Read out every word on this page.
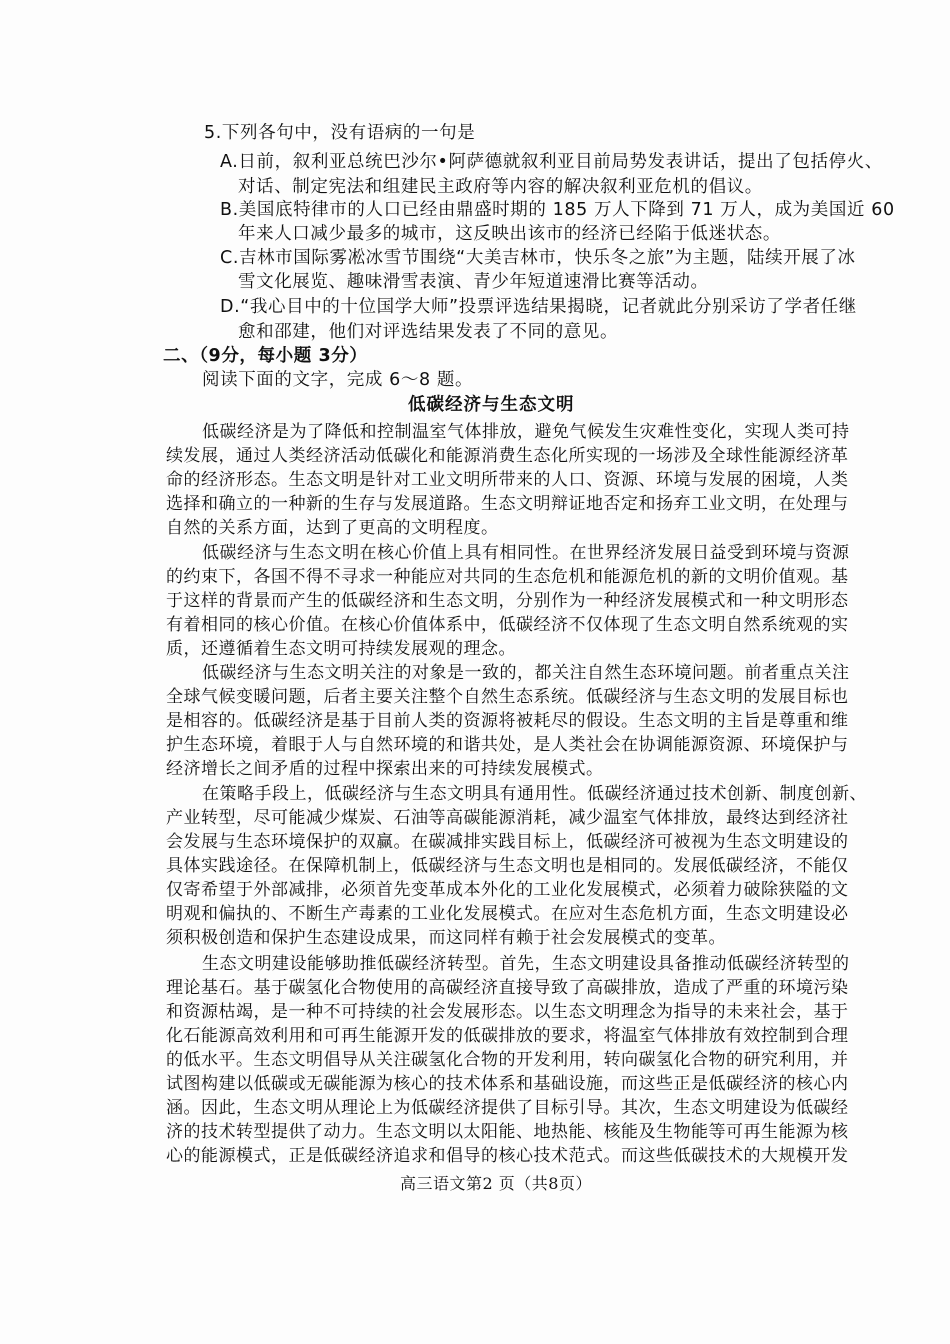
5.下列各句中，没有语病的一句是
A.日前，叙利亚总统巴沙尔•阿萨德就叙利亚目前局势发表讲话，提出了包括停火、
对话、制定宪法和组建民主政府等内容的解决叙利亚危机的倡议。
B.美国底特律市的人口已经由鼎盛时期的 185 万人下降到 71 万人，成为美国近 60
年来人口减少最多的城市，这反映出该市的经济已经陷于低迷状态。
C.吉林市国际雾凇冰雪节围绕“大美吉林市，快乐冬之旅”为主题，陆续开展了冰
雪文化展览、趣味滑雪表演、青少年短道速滑比赛等活动。
D.“我心目中的十位国学大师”投票评选结果揭晓，记者就此分别采访了学者任继
愈和邵建，他们对评选结果发表了不同的意见。
二、（9分，每小题 3分）
阅读下面的文字，完成 6～8 题。
低碳经济与生态文明
低碳经济是为了降低和控制温室气体排放，避免气候发生灾难性变化，实现人类可持
续发展，通过人类经济活动低碳化和能源消费生态化所实现的一场涉及全球性能源经济革
命的经济形态。生态文明是针对工业文明所带来的人口、资源、环境与发展的困境，人类
选择和确立的一种新的生存与发展道路。生态文明辩证地否定和扬弃工业文明，在处理与
自然的关系方面，达到了更高的文明程度。
低碳经济与生态文明在核心价值上具有相同性。在世界经济发展日益受到环境与资源
的约束下，各国不得不寻求一种能应对共同的生态危机和能源危机的新的文明价值观。基
于这样的背景而产生的低碳经济和生态文明，分别作为一种经济发展模式和一种文明形态
有着相同的核心价值。在核心价值体系中，低碳经济不仅体现了生态文明自然系统观的实
质，还遵循着生态文明可持续发展观的理念。
低碳经济与生态文明关注的对象是一致的，都关注自然生态环境问题。前者重点关注
全球气候变暖问题，后者主要关注整个自然生态系统。低碳经济与生态文明的发展目标也
是相容的。低碳经济是基于目前人类的资源将被耗尽的假设。生态文明的主旨是尊重和维
护生态环境，着眼于人与自然环境的和谐共处，是人类社会在协调能源资源、环境保护与
经济增长之间矛盾的过程中探索出来的可持续发展模式。
在策略手段上，低碳经济与生态文明具有通用性。低碳经济通过技术创新、制度创新、
产业转型，尽可能减少煤炭、石油等高碳能源消耗，减少温室气体排放，最终达到经济社
会发展与生态环境保护的双赢。在碳减排实践目标上，低碳经济可被视为生态文明建设的
具体实践途径。在保障机制上，低碳经济与生态文明也是相同的。发展低碳经济，不能仅
仅寄希望于外部减排，必须首先变革成本外化的工业化发展模式，必须着力破除狭隘的文
明观和偏执的、不断生产毒素的工业化发展模式。在应对生态危机方面，生态文明建设必
须积极创造和保护生态建设成果，而这同样有赖于社会发展模式的变革。
生态文明建设能够助推低碳经济转型。首先，生态文明建设具备推动低碳经济转型的
理论基石。基于碳氢化合物使用的高碳经济直接导致了高碳排放，造成了严重的环境污染
和资源枯竭，是一种不可持续的社会发展形态。以生态文明理念为指导的未来社会，基于
化石能源高效利用和可再生能源开发的低碳排放的要求，将温室气体排放有效控制到合理
的低水平。生态文明倡导从关注碳氢化合物的开发利用，转向碳氢化合物的研究利用，并
试图构建以低碳或无碳能源为核心的技术体系和基础设施，而这些正是低碳经济的核心内
涵。因此，生态文明从理论上为低碳经济提供了目标引导。其次，生态文明建设为低碳经
济的技术转型提供了动力。生态文明以太阳能、地热能、核能及生物能等可再生能源为核
心的能源模式，正是低碳经济追求和倡导的核心技术范式。而这些低碳技术的大规模开发
高三语文第2 页（共8页）
